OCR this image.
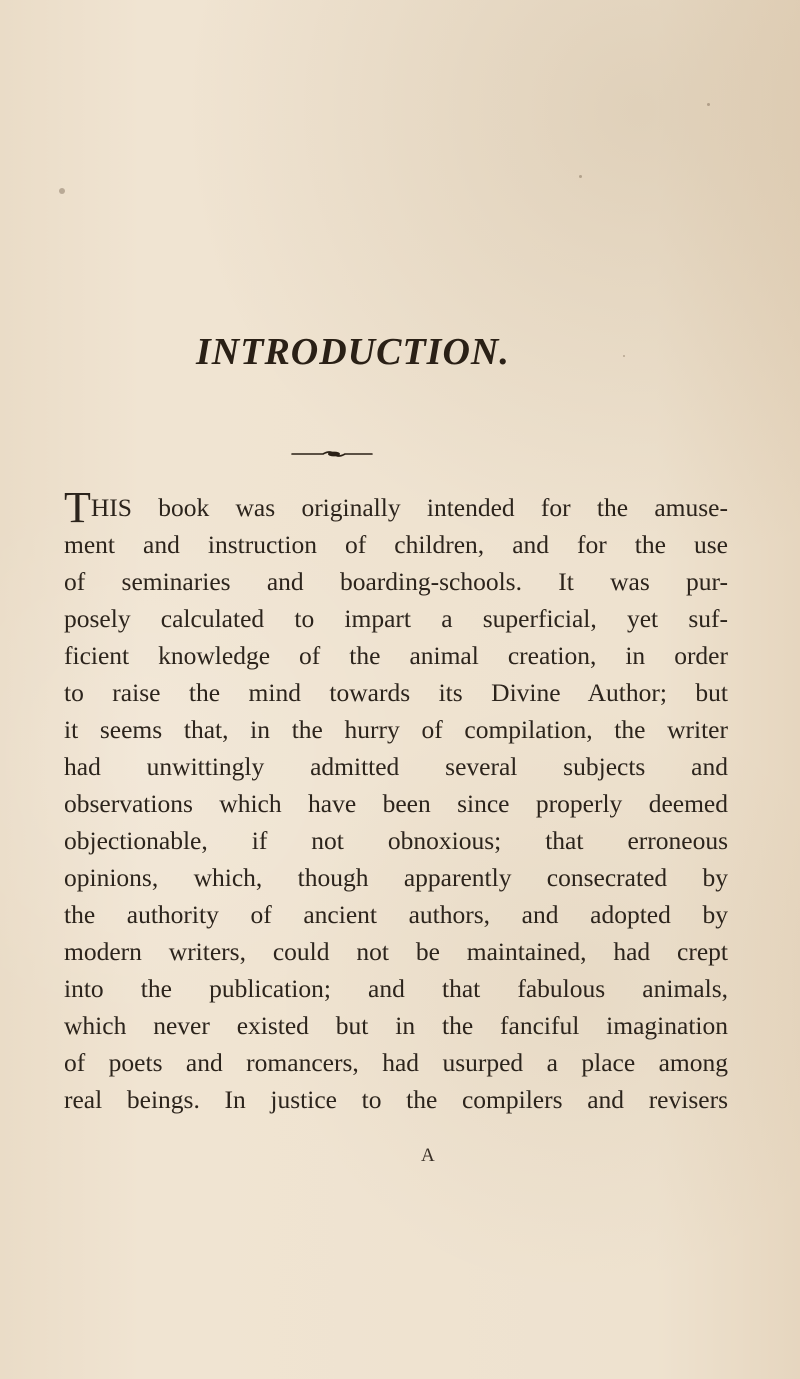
INTRODUCTION.
T HIS book was originally intended for the amuse-
ment and instruction of children, and for the use
of seminaries and boarding-schools. It was pur-
posely calculated to impart a superficial, yet suf-
ficient knowledge of the animal creation, in order
to raise the mind towards its Divine Author; but
it seems that, in the hurry of compilation, the writer
had unwittingly admitted several subjects and
observations which have been since properly deemed
objectionable, if not obnoxious; that erroneous
opinions, which, though apparently consecrated by
the authority of ancient authors, and adopted by
modern writers, could not be maintained, had crept
into the publication; and that fabulous animals,
which never existed but in the fanciful imagination
of poets and romancers, had usurped a place among
real beings. In justice to the compilers and revisers
A
